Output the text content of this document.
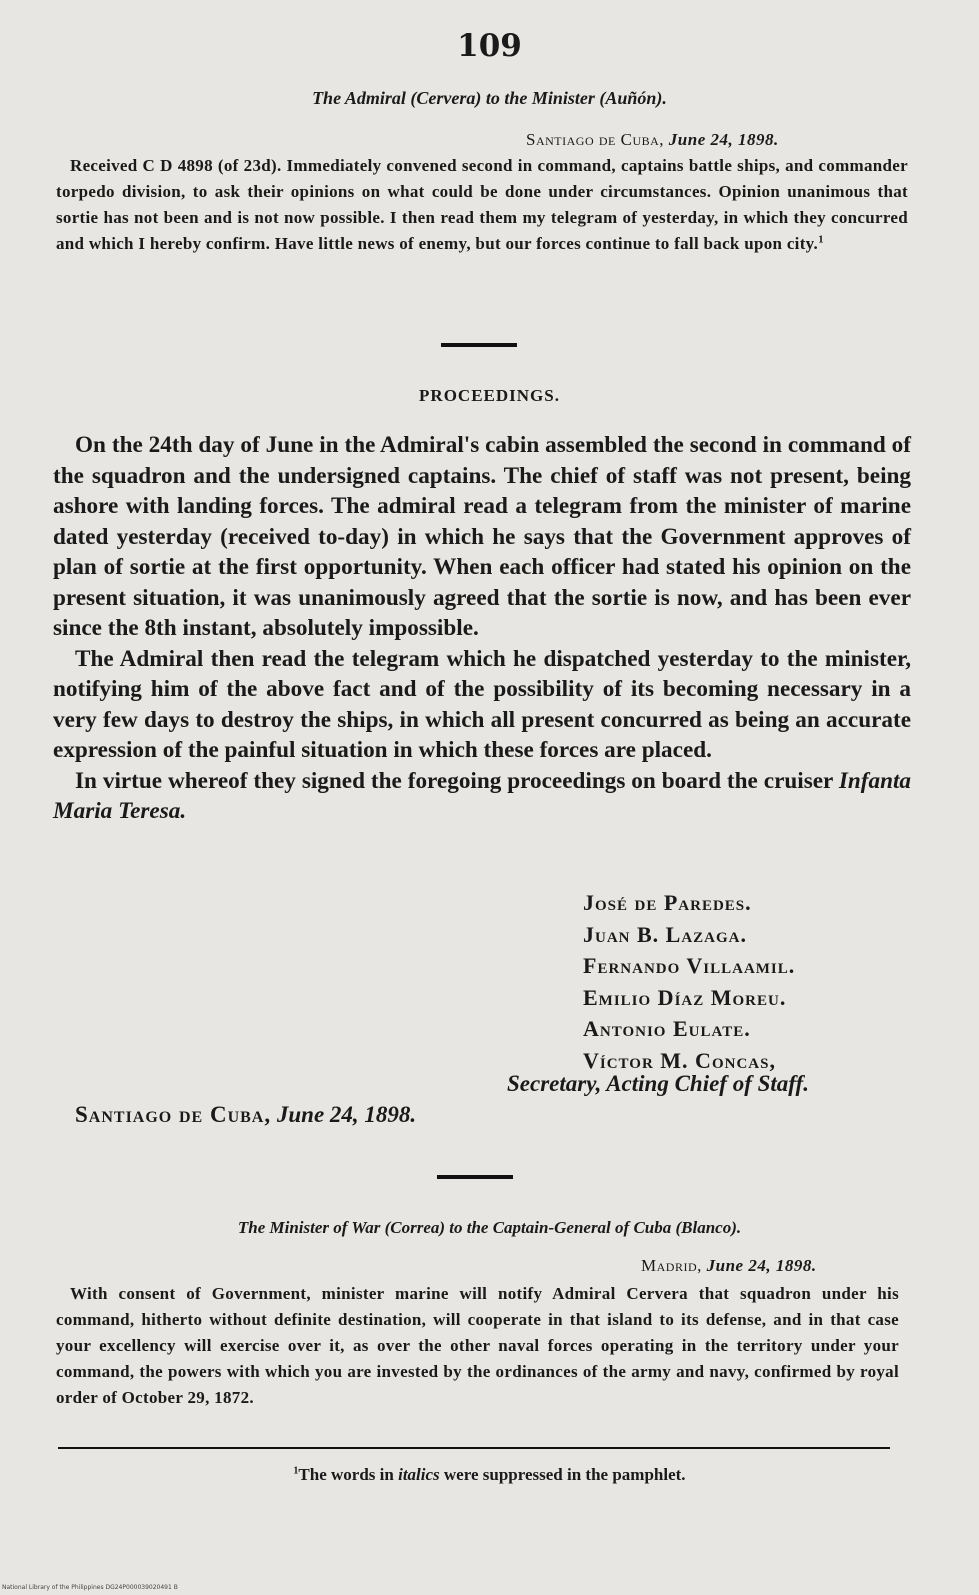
109
The Admiral (Cervera) to the Minister (Auñón).
Santiago de Cuba, June 24, 1898.

Received C D 4898 (of 23d). Immediately convened second in command, captains battle ships, and commander torpedo division, to ask their opinions on what could be done under circumstances. Opinion unanimous that sortie has not been and is not now possible. I then read them my telegram of yesterday, in which they concurred and which I hereby confirm. Have little news of enemy, but our forces continue to fall back upon city.$^1$

PROCEEDINGS.

On the 24th day of June in the Admiral's cabin assembled the second in command of the squadron and the undersigned captains. The chief of staff was not present, being ashore with landing forces. The admiral read a telegram from the minister of marine dated yesterday (received to-day) in which he says that the Government approves of plan of sortie at the first opportunity. When each officer had stated his opinion on the present situation, it was unanimously agreed that the sortie is now, and has been ever since the 8th instant, absolutely impossible.

The Admiral then read the telegram which he dispatched yesterday to the minister, notifying him of the above fact and of the possibility of its becoming necessary in a very few days to destroy the ships, in which all present concurred as being an accurate expression of the painful situation in which these forces are placed.

In virtue whereof they signed the foregoing proceedings on board the cruiser Infanta Maria Teresa.

José de Paredes.
Juan B. Lazaga.
Fernando Villaamil.
Emilio Díaz Moreu.
Antonio Eulate.
Víctor M. Concas,
Secretary, Acting Chief of Staff.
Santiago de Cuba, June 24, 1898.
The Minister of War (Correa) to the Captain-General of Cuba (Blanco).
Madrid, June 24, 1898.

With consent of Government, minister marine will notify Admiral Cervera that squadron under his command, hitherto without definite destination, will cooperate in that island to its defense, and in that case your excellency will exercise over it, as over the other naval forces operating in the territory under your command, the powers with which you are invested by the ordinances of the army and navy, confirmed by royal order of October 29, 1872.

$^1$The words in italics were suppressed in the pamphlet.
National Library of the Philippines DG24P000039020491 B
